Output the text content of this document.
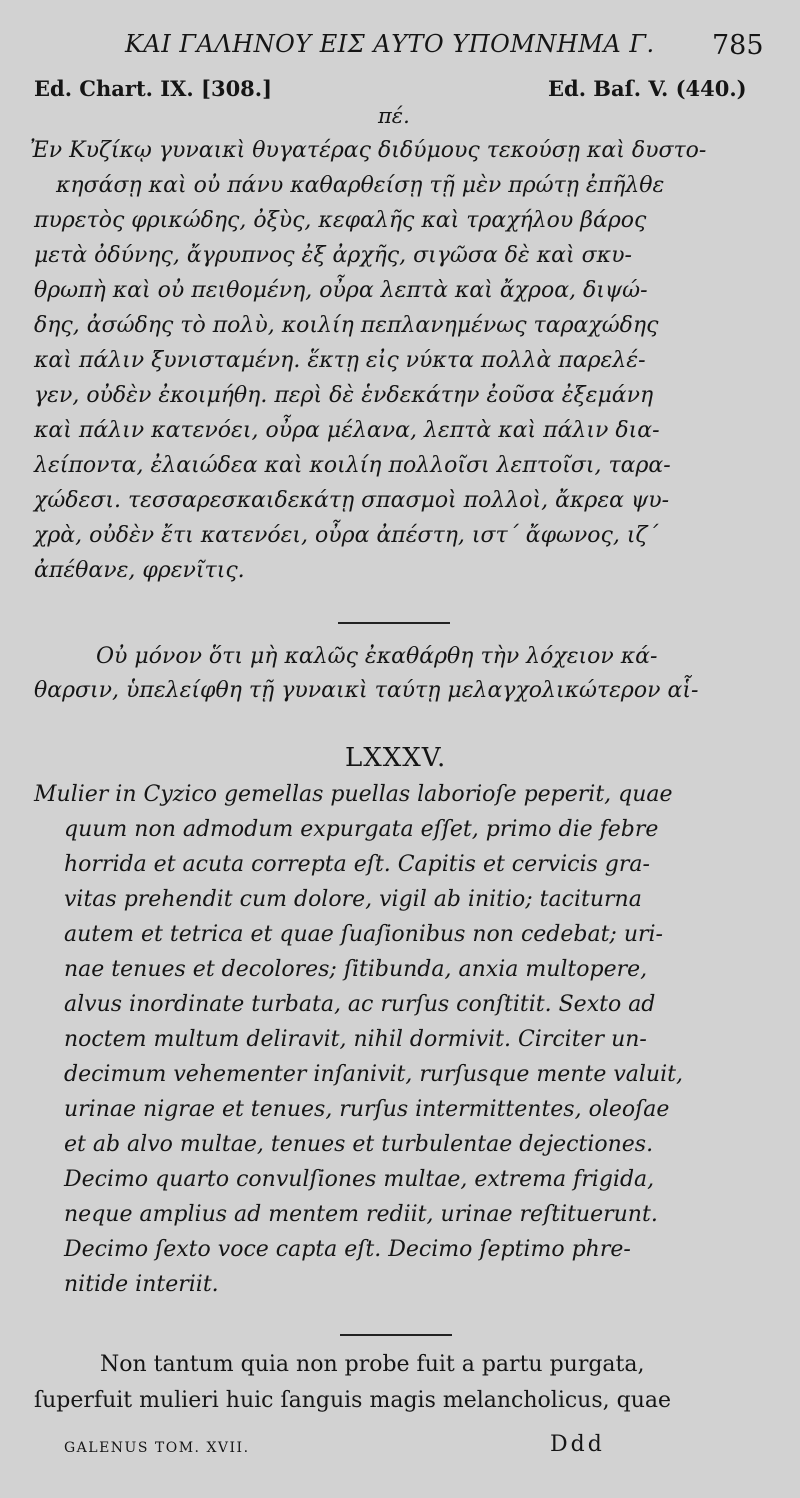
ΚΑΙ ΓΑΛΗΝΟΥ ΕΙΣ ΑΥΤΟ ΥΠΟΜΝΗΜΑ Γ. 785
Ed. Chart. IX. [308.]	Ed. Baſ. V. (440.)
πέ.
Ἐν Κυζίκῳ γυναικὶ θυγατέρας διδύμους τεκούσῃ καὶ δυστο-
κησάσῃ καὶ οὐ πάνυ καθαρθείσῃ τῇ μὲν πρώτῃ ἐπῆλθε
πυρετὸς φρικώδης, ὀξὺς, κεφαλῆς καὶ τραχήλου βάρος
μετὰ ὀδύνης, ἄγρυπνος ἐξ ἀρχῆς, σιγῶσα δὲ καὶ σκυ-
θρωπὴ καὶ οὐ πειθομένη, οὖρα λεπτὰ καὶ ἄχροα, διψώ-
δης, ἀσώδης τὸ πολὺ, κοιλίη πεπλανημένως ταραχώδης
καὶ πάλιν ξυνισταμένη. ἕκτῃ εἰς νύκτα πολλὰ παρελέ-
γεν, οὐδὲν ἐκοιμήθη. περὶ δὲ ἑνδεκάτην ἐοῦσα ἐξεμάνη
καὶ πάλιν κατενόει, οὖρα μέλανα, λεπτὰ καὶ πάλιν δια-
λείποντα, ἐλαιώδεα καὶ κοιλίη πολλοῖσι λεπτοῖσι, ταρα-
χώδεσι. τεσσαρεσκαιδεκάτῃ σπασμοὶ πολλοὶ, ἄκρεα ψυ-
χρὰ, οὐδὲν ἔτι κατενόει, οὖρα ἀπέστη, ιστ΄ ἄφωνος, ιζ΄
ἀπέθανε, φρενῖτις.
Οὐ μόνον ὅτι μὴ καλῶς ἐκαθάρθη τὴν λόχειον κά-
θαρσιν, ὑπελείφθη τῇ γυναικὶ ταύτῃ μελαγχολικώτερον αἷ-
LXXXV.
Mulier in Cyzico gemellas puellas laborioſe peperit, quae
quum non admodum expurgata eſſet, primo die febre
horrida et acuta correpta eſt. Capitis et cervicis gra-
vitas prehendit cum dolore, vigil ab initio; taciturna
autem et tetrica et quae ſuaſionibus non cedebat; uri-
nae tenues et decolores; ſitibunda, anxia multopere,
alvus inordinate turbata, ac rurſus conſtitit. Sexto ad
noctem multum deliravit, nihil dormivit. Circiter un-
decimum vehementer inſanivit, rurſusque mente valuit,
urinae nigrae et tenues, rurſus intermittentes, oleoſae
et ab alvo multae, tenues et turbulentae dejectiones.
Decimo quarto convulſiones multae, extrema frigida,
neque amplius ad mentem rediit, urinae reſtituerunt.
Decimo ſexto voce capta eſt. Decimo ſeptimo phre-
nitide interiit.
Non tantum quia non probe fuit a partu purgata,
ſuperfuit mulieri huic ſanguis magis melancholicus, quae
GALENUS TOM. XVII.	Ddd
